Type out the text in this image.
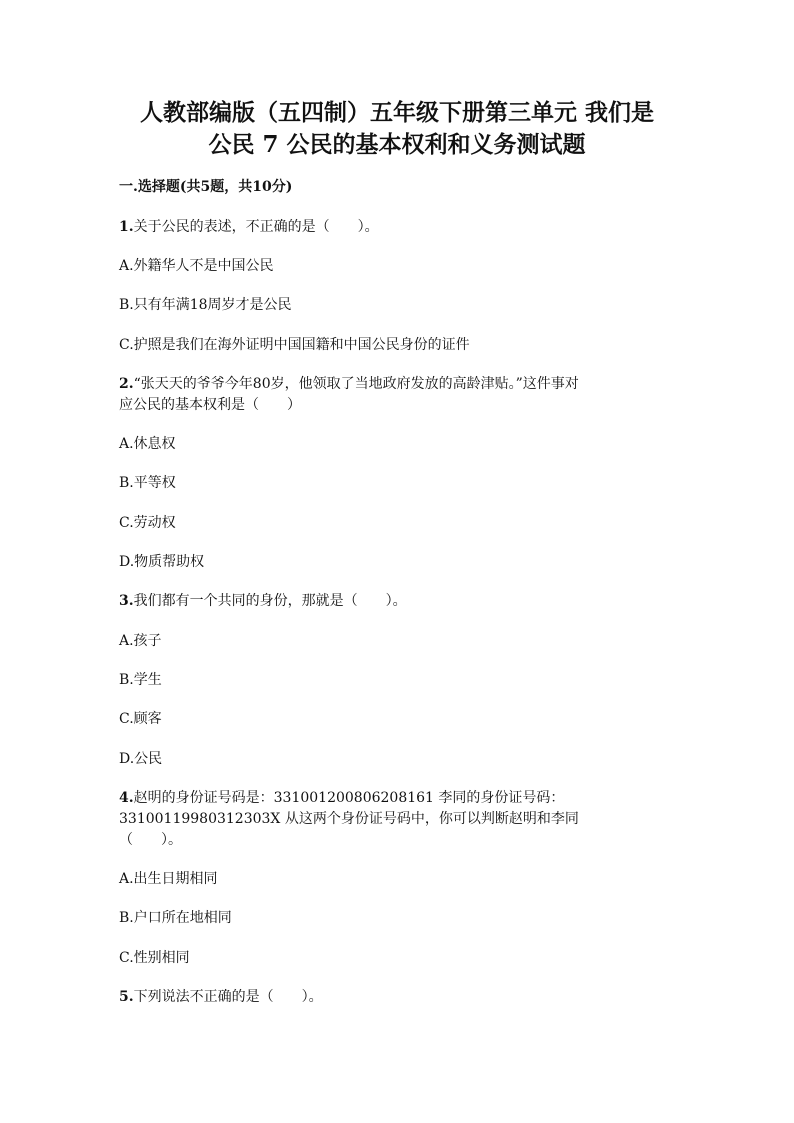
人教部编版（五四制）五年级下册第三单元 我们是
公民 7 公民的基本权利和义务测试题

一.选择题(共5题，共10分)

1.关于公民的表述，不正确的是（　　）。

A.外籍华人不是中国公民

B.只有年满18周岁才是公民

C.护照是我们在海外证明中国国籍和中国公民身份的证件

2.“张天天的爷爷今年80岁，他领取了当地政府发放的高龄津贴。”这件事对

应公民的基本权利是（　　）

A.休息权

B.平等权

C.劳动权

D.物质帮助权

3.我们都有一个共同的身份，那就是（　　）。

A.孩子

B.学生

C.顾客

D.公民

4.赵明的身份证号码是：331001200806208161 李同的身份证号码：

33100119980312303X 从这两个身份证号码中，你可以判断赵明和李同

（　　）。

A.出生日期相同

B.户口所在地相同

C.性别相同

5.下列说法不正确的是（　　）。
